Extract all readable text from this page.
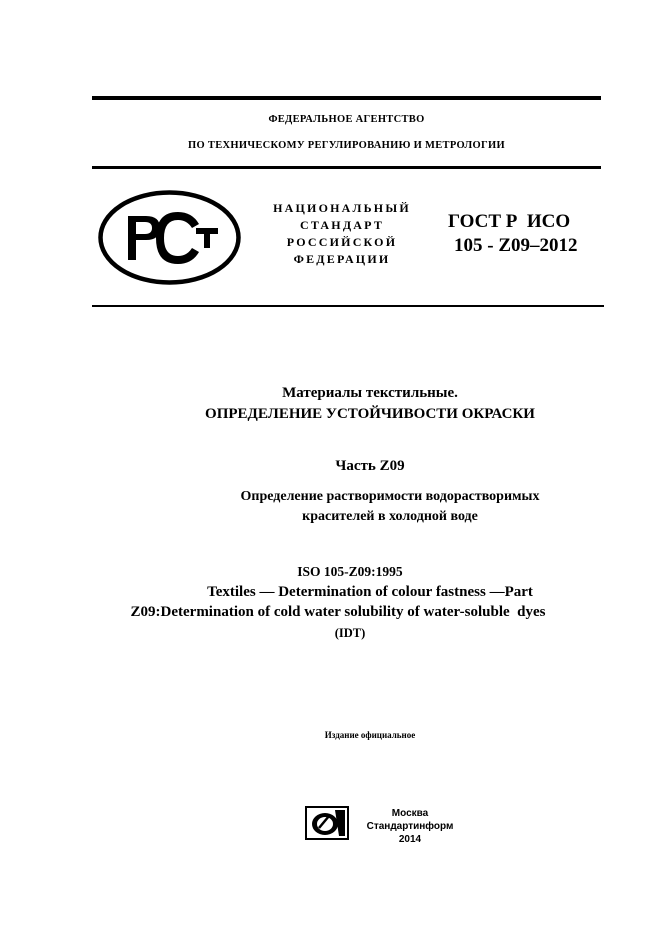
ФЕДЕРАЛЬНОЕ АГЕНТСТВО
ПО ТЕХНИЧЕСКОМУ РЕГУЛИРОВАНИЮ И МЕТРОЛОГИИ
НАЦИОНАЛЬНЫЙ
СТАНДАРТ
РОССИЙСКОЙ
ФЕДЕРАЦИИ
ГОСТ Р  ИСО
105 - Z09–2012
Материалы текстильные.
ОПРЕДЕЛЕНИЕ УСТОЙЧИВОСТИ ОКРАСКИ
Часть Z09
Определение растворимости водорастворимых
красителей в холодной воде
ISO 105-Z09:1995
Textiles — Determination of colour fastness —Part
Z09:Determination of cold water solubility of water-soluble  dyes
(IDT)
Издание официальное
Москва
Стандартинформ
2014
